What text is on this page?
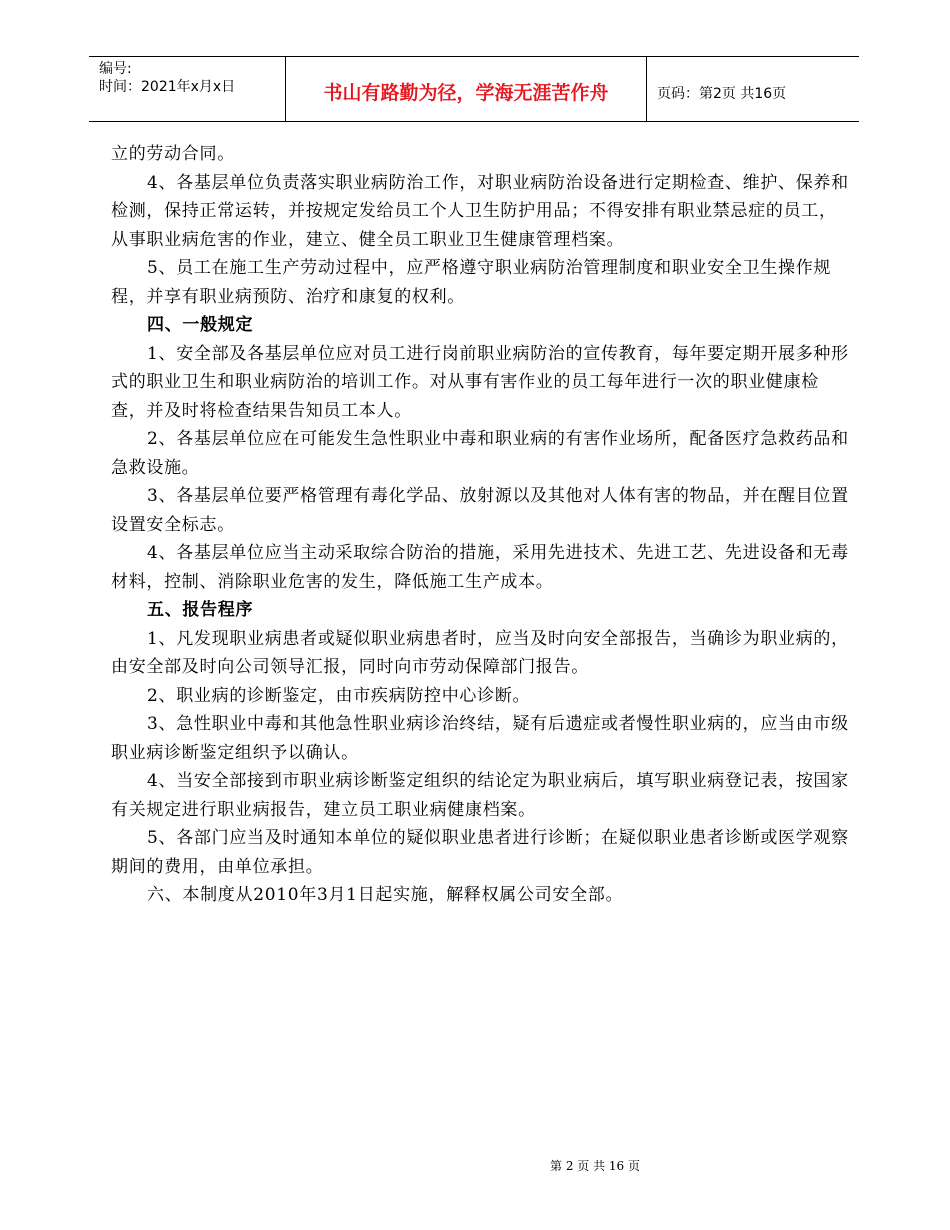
编号:
时间：2021年x月x日	书山有路勤为径，学海无涯苦作舟	页码：第2页 共16页

立的劳动合同。

4、各基层单位负责落实职业病防治工作，对职业病防治设备进行定期检查、维护、保养和检测，保持正常运转，并按规定发给员工个人卫生防护用品；不得安排有职业禁忌症的员工，从事职业病危害的作业，建立、健全员工职业卫生健康管理档案。

5、员工在施工生产劳动过程中，应严格遵守职业病防治管理制度和职业安全卫生操作规程，并享有职业病预防、治疗和康复的权利。

四、一般规定

1、安全部及各基层单位应对员工进行岗前职业病防治的宣传教育，每年要定期开展多种形式的职业卫生和职业病防治的培训工作。对从事有害作业的员工每年进行一次的职业健康检查，并及时将检查结果告知员工本人。

2、各基层单位应在可能发生急性职业中毒和职业病的有害作业场所，配备医疗急救药品和急救设施。

3、各基层单位要严格管理有毒化学品、放射源以及其他对人体有害的物品，并在醒目位置设置安全标志。

4、各基层单位应当主动采取综合防治的措施，采用先进技术、先进工艺、先进设备和无毒材料，控制、消除职业危害的发生，降低施工生产成本。

五、报告程序

1、凡发现职业病患者或疑似职业病患者时，应当及时向安全部报告，当确诊为职业病的，由安全部及时向公司领导汇报，同时向市劳动保障部门报告。

2、职业病的诊断鉴定，由市疾病防控中心诊断。

3、急性职业中毒和其他急性职业病诊治终结，疑有后遗症或者慢性职业病的，应当由市级职业病诊断鉴定组织予以确认。

4、当安全部接到市职业病诊断鉴定组织的结论定为职业病后，填写职业病登记表，按国家有关规定进行职业病报告，建立员工职业病健康档案。

5、各部门应当及时通知本单位的疑似职业患者进行诊断；在疑似职业患者诊断或医学观察期间的费用，由单位承担。

六、本制度从2010年3月1日起实施，解释权属公司安全部。

第 2 页 共 16 页
